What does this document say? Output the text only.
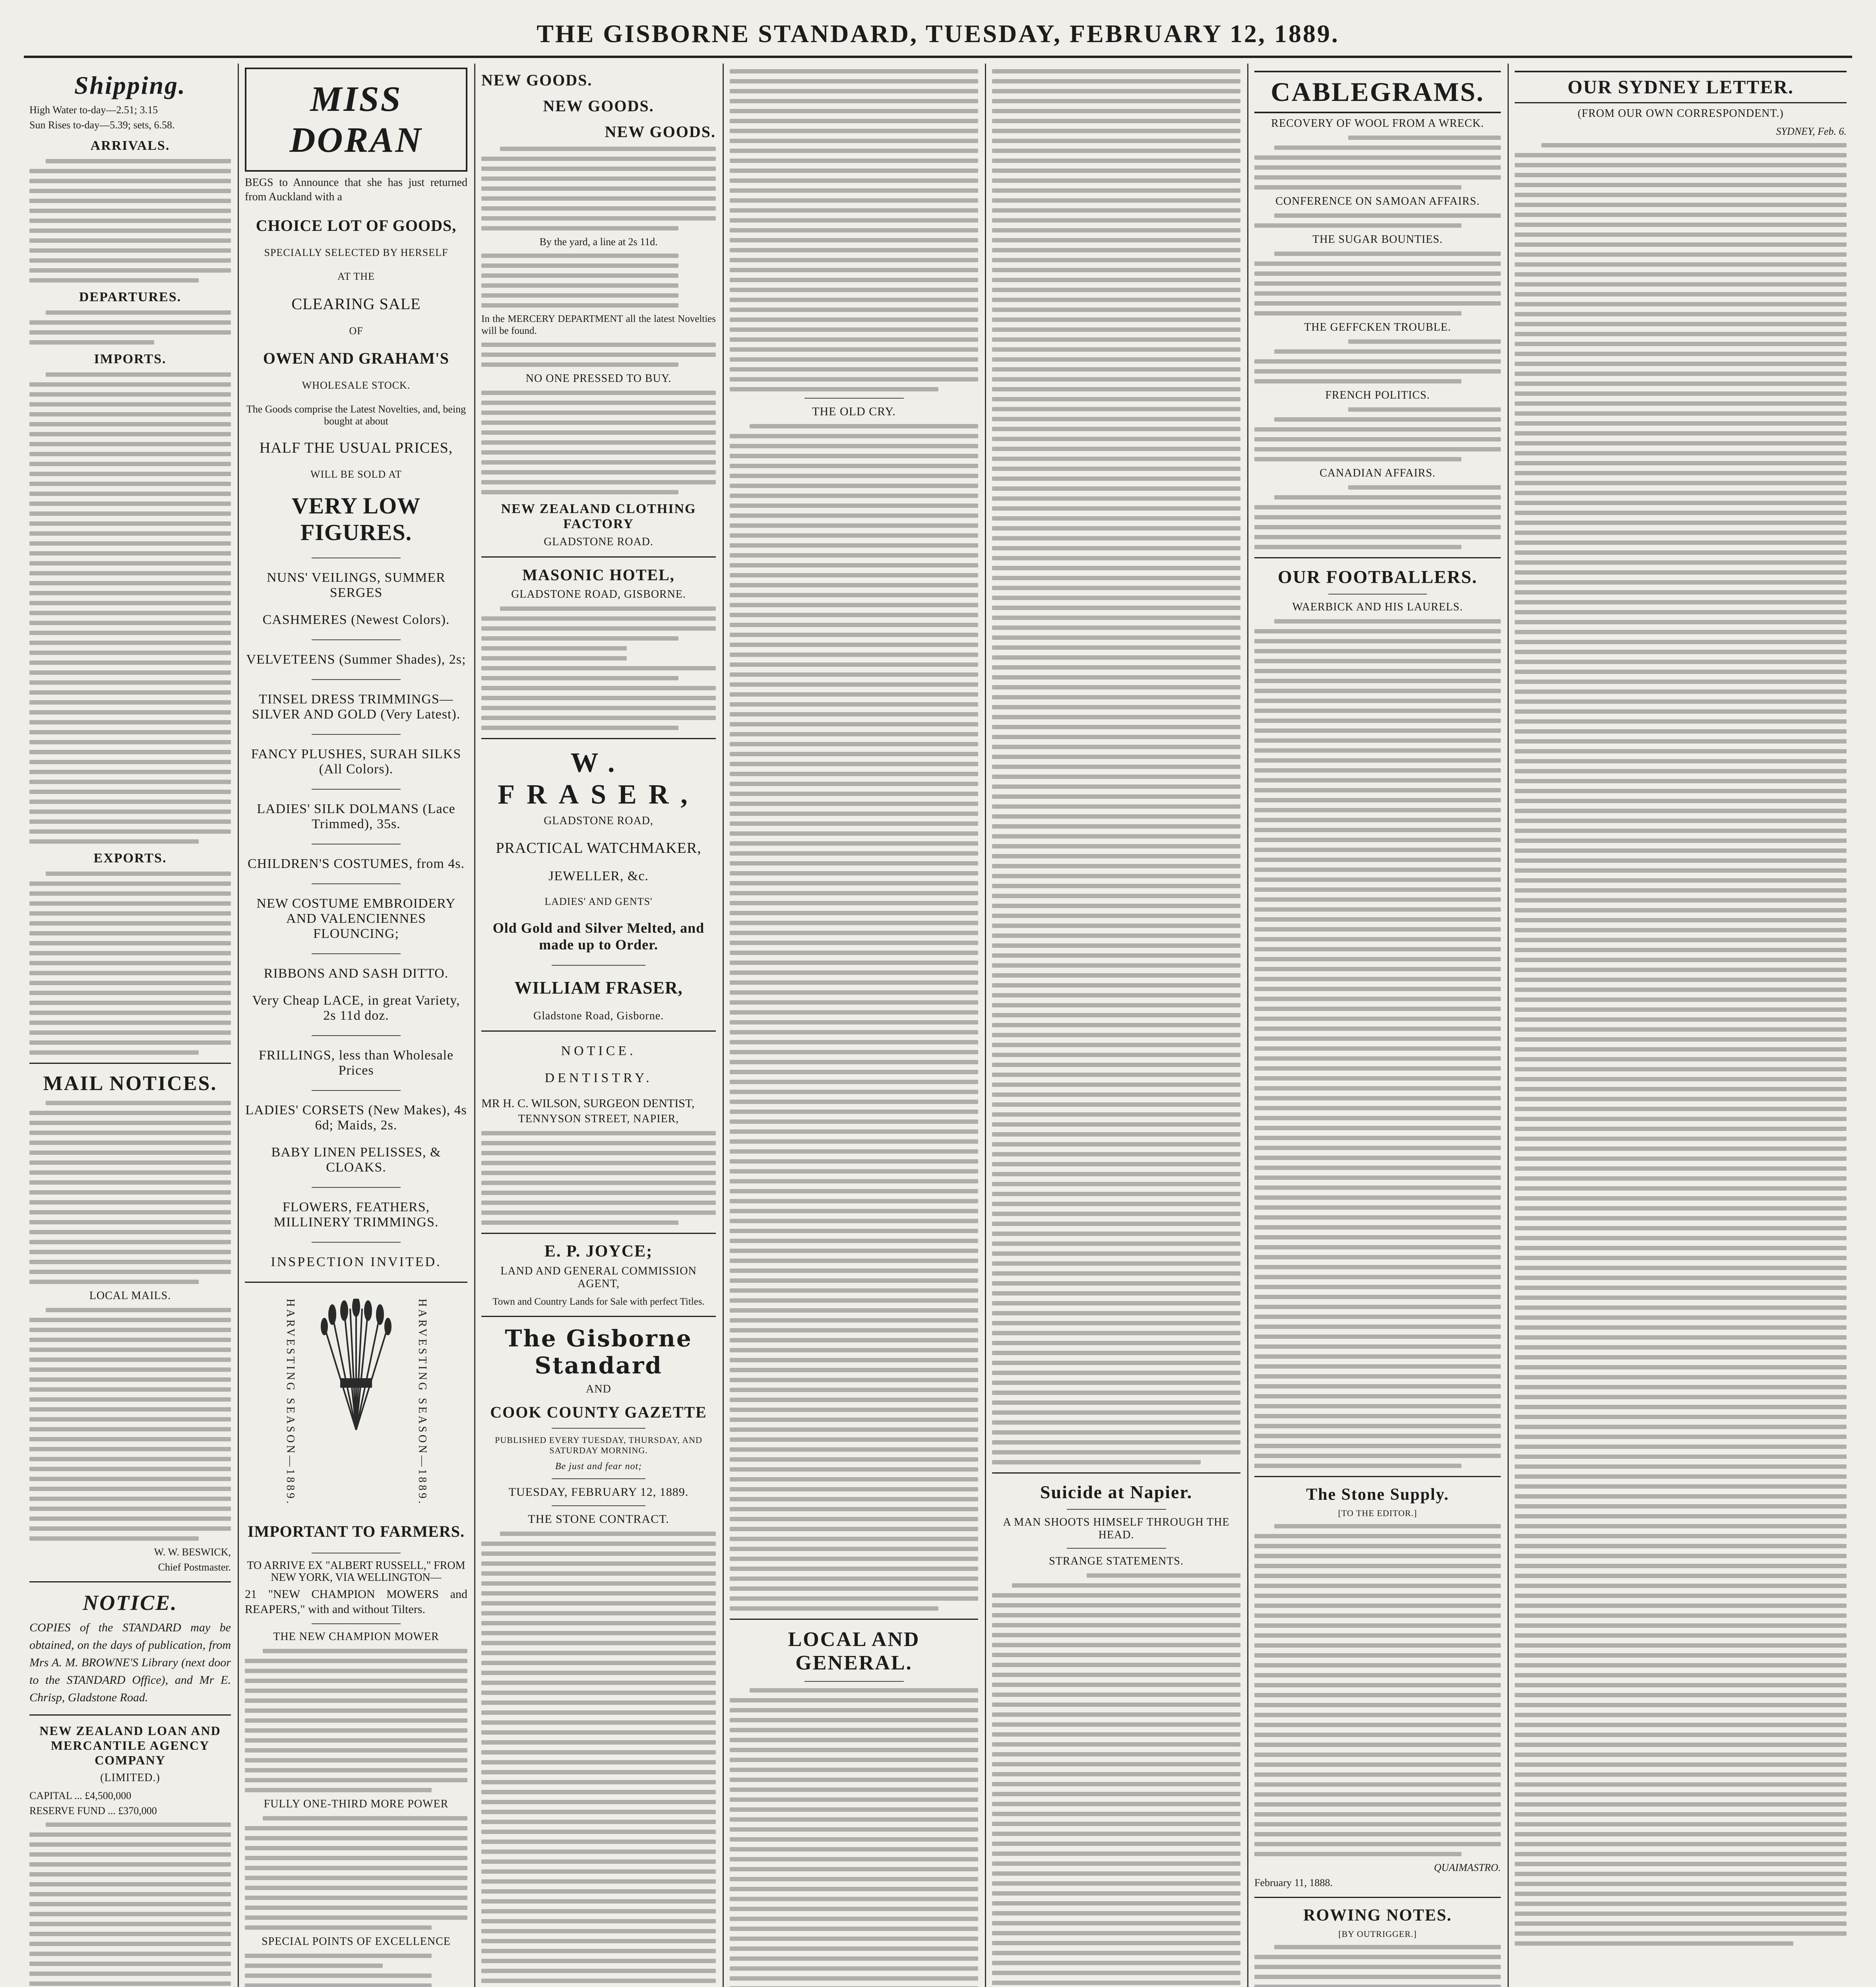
THE GISBORNE STANDARD, TUESDAY, FEBRUARY 12, 1889.
Shipping.
High Water to-day—2.51; 3.15
Sun Rises to-day—5.39; sets, 6.58.
ARRIVALS.
DEPARTURES.
IMPORTS.
EXPORTS.
MAIL NOTICES.
LOCAL MAILS.
W. W. BESWICK,
Chief Postmaster.
NOTICE.
COPIES of the STANDARD may be obtained, on the days of publication, from Mrs A. M. BROWNE'S Library (next door to the STANDARD Office), and Mr E. Chrisp, Gladstone Road.
NEW ZEALAND LOAN AND MERCANTILE AGENCY COMPANY
(LIMITED.)
CAPITAL ... £4,500,000
RESERVE FUND ... £370,000
MISS DORAN
BEGS to Announce that she has just returned from Auckland with a
CHOICE LOT OF GOODS,
SPECIALLY SELECTED BY HERSELF
AT THE
CLEARING SALE
OF
OWEN AND GRAHAM'S
WHOLESALE STOCK.
The Goods comprise the Latest Novelties, and, being bought at about
HALF THE USUAL PRICES,
WILL BE SOLD AT
VERY LOW FIGURES.
NUNS' VEILINGS, SUMMER SERGES
CASHMERES (Newest Colors).
VELVETEENS (Summer Shades), 2s;
TINSEL DRESS TRIMMINGS—SILVER AND GOLD (Very Latest).
FANCY PLUSHES, SURAH SILKS (All Colors).
LADIES' SILK DOLMANS (Lace Trimmed), 35s.
CHILDREN'S COSTUMES, from 4s.
NEW COSTUME EMBROIDERY AND VALENCIENNES FLOUNCING;
RIBBONS AND SASH DITTO.
Very Cheap LACE, in great Variety, 2s 11d doz.
FRILLINGS, less than Wholesale Prices
LADIES' CORSETS (New Makes), 4s 6d; Maids, 2s.
BABY LINEN PELISSES, & CLOAKS.
FLOWERS, FEATHERS, MILLINERY TRIMMINGS.
INSPECTION INVITED.
HARVESTING SEASON—1889.	HARVESTING SEASON—1889.
IMPORTANT TO FARMERS.
TO ARRIVE EX "ALBERT RUSSELL," FROM NEW YORK, VIA WELLINGTON—
21 "NEW CHAMPION MOWERS and REAPERS," with and without Tilters.
THE NEW CHAMPION MOWER
FULLY ONE-THIRD MORE POWER
SPECIAL POINTS OF EXCELLENCE
NEW GOODS.
NEW GOODS.
NEW GOODS.
By the yard, a line at 2s 11d.
In the MERCERY DEPARTMENT all the latest Novelties will be found.
NO ONE PRESSED TO BUY.
NEW ZEALAND CLOTHING FACTORY
GLADSTONE ROAD.
MASONIC HOTEL,
GLADSTONE ROAD, GISBORNE.
W. FRASER,
GLADSTONE ROAD,
PRACTICAL WATCHMAKER,
JEWELLER, &c.
LADIES' AND GENTS'
Old Gold and Silver Melted, and made up to Order.
WILLIAM FRASER,
Gladstone Road, Gisborne.
NOTICE.
DENTISTRY.
MR H. C. WILSON, SURGEON DENTIST,
TENNYSON STREET, NAPIER,
E. P. JOYCE;
LAND AND GENERAL COMMISSION AGENT,
Town and Country Lands for Sale with perfect Titles.
The Gisborne Standard
AND
COOK COUNTY GAZETTE
PUBLISHED EVERY TUESDAY, THURSDAY, AND SATURDAY MORNING.
Be just and fear not;
TUESDAY, FEBRUARY 12, 1889.
THE STONE CONTRACT.
THE OLD CRY.
LOCAL AND GENERAL.
Suicide at Napier.
A MAN SHOOTS HIMSELF THROUGH THE HEAD.
STRANGE STATEMENTS.
CABLEGRAMS.
RECOVERY OF WOOL FROM A WRECK.
CONFERENCE ON SAMOAN AFFAIRS.
THE SUGAR BOUNTIES.
THE GEFFCKEN TROUBLE.
FRENCH POLITICS.
CANADIAN AFFAIRS.
OUR FOOTBALLERS.
WAERBICK AND HIS LAURELS.
The Stone Supply.
[TO THE EDITOR.]
QUAIMASTRO.
February 11, 1888.
ROWING NOTES.
[BY OUTRIGGER.]
OUR SYDNEY LETTER.
(FROM OUR OWN CORRESPONDENT.)
SYDNEY, Feb. 6.
